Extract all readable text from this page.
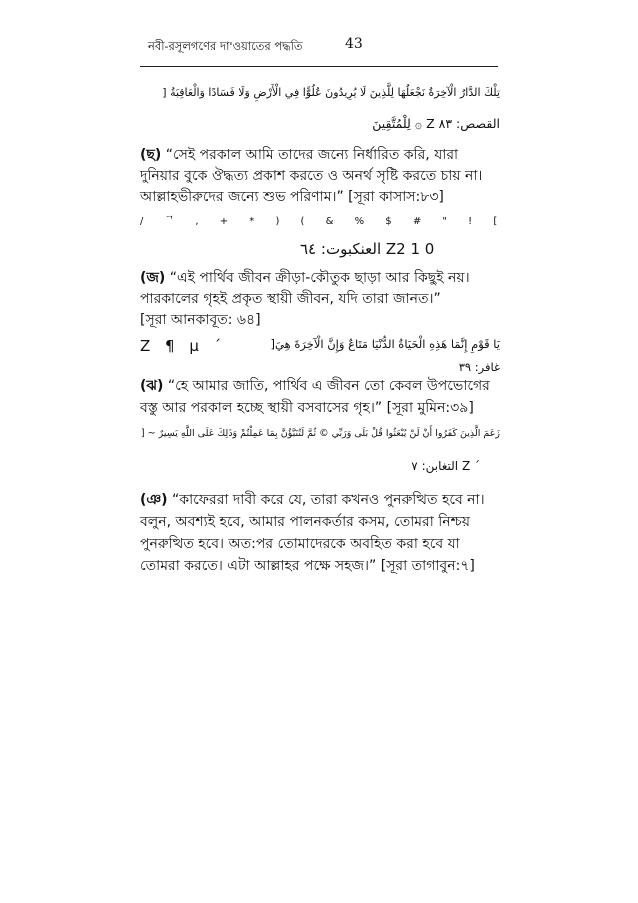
নবী-রসূলগণের দা'ওয়াতের পদ্ধতি	43
] تِلْكَ الدَّارُ الْآخِرَةُ نَجْعَلُهَا لِلَّذِينَ لَا يُرِيدُونَ عُلُوًّا فِي الْأَرْضِ وَلَا فَسَادًا وَالْعَاقِبَةُ
لِلْمُتَّقِينَ ۞ Z القصص: ٨٣
(ছ) “সেই পরকাল আমি তাদের জন্যে নির্ধারিত করি, যারা
দুনিয়ার বুকে ঔদ্ধত্য প্রকাশ করতে ও অনর্থ সৃষ্টি করতে চায় না।
আল্লাহভীরুদের জন্যে শুভ পরিণাম।” [সূরা কাসাস:৮৩]
/ ᄀ , + * ) ( & % $ # " ! [
العنكبوت: ٦٤ Z2 1 0
(জ) “এই পার্থিব জীবন ক্রীড়া-কৌতুক ছাড়া আর কিছুই নয়।
পারকালের গৃহই প্রকৃত স্থায়ী জীবন, যদি তারা জানত।”
[সূরা আনকাবূত: ৬৪]
Z ¶ µ ´	]يَا قَوْمِ إِنَّمَا هَذِهِ الْحَيَاةُ الدُّنْيَا مَتَاعٌ وَإِنَّ الْآخِرَةَ هِيَ
غافر: ٣٩
(ঝ) “হে আমার জাতি, পার্থিব এ জীবন তো কেবল উপভোগের
বস্তু আর পরকাল হচ্ছে স্থায়ী বসবাসের গৃহ।” [সূরা মুমিন:৩৯]
] ~ زَعَمَ الَّذِينَ كَفَرُوا أَنْ لَنْ يُبْعَثُوا قُلْ بَلَى وَرَبِّي © ثُمَّ لَتُنَبَّؤُنَّ بِمَا عَمِلْتُمْ وَذَلِكَ عَلَى اللَّهِ يَسِيرٌ
التغابن: ٧ Z ´
(ঞ) “কাফেররা দাবী করে যে, তারা কখনও পুনরুত্থিত হবে না।
বলুন, অবশ্যই হবে, আমার পালনকর্তার কসম, তোমরা নিশ্চয়
পুনরুত্থিত হবে। অত:পর তোমাদেরকে অবহিত করা হবে যা
তোমরা করতে। এটা আল্লাহর পক্ষে সহজ।” [সূরা তাগাবুন:৭]
